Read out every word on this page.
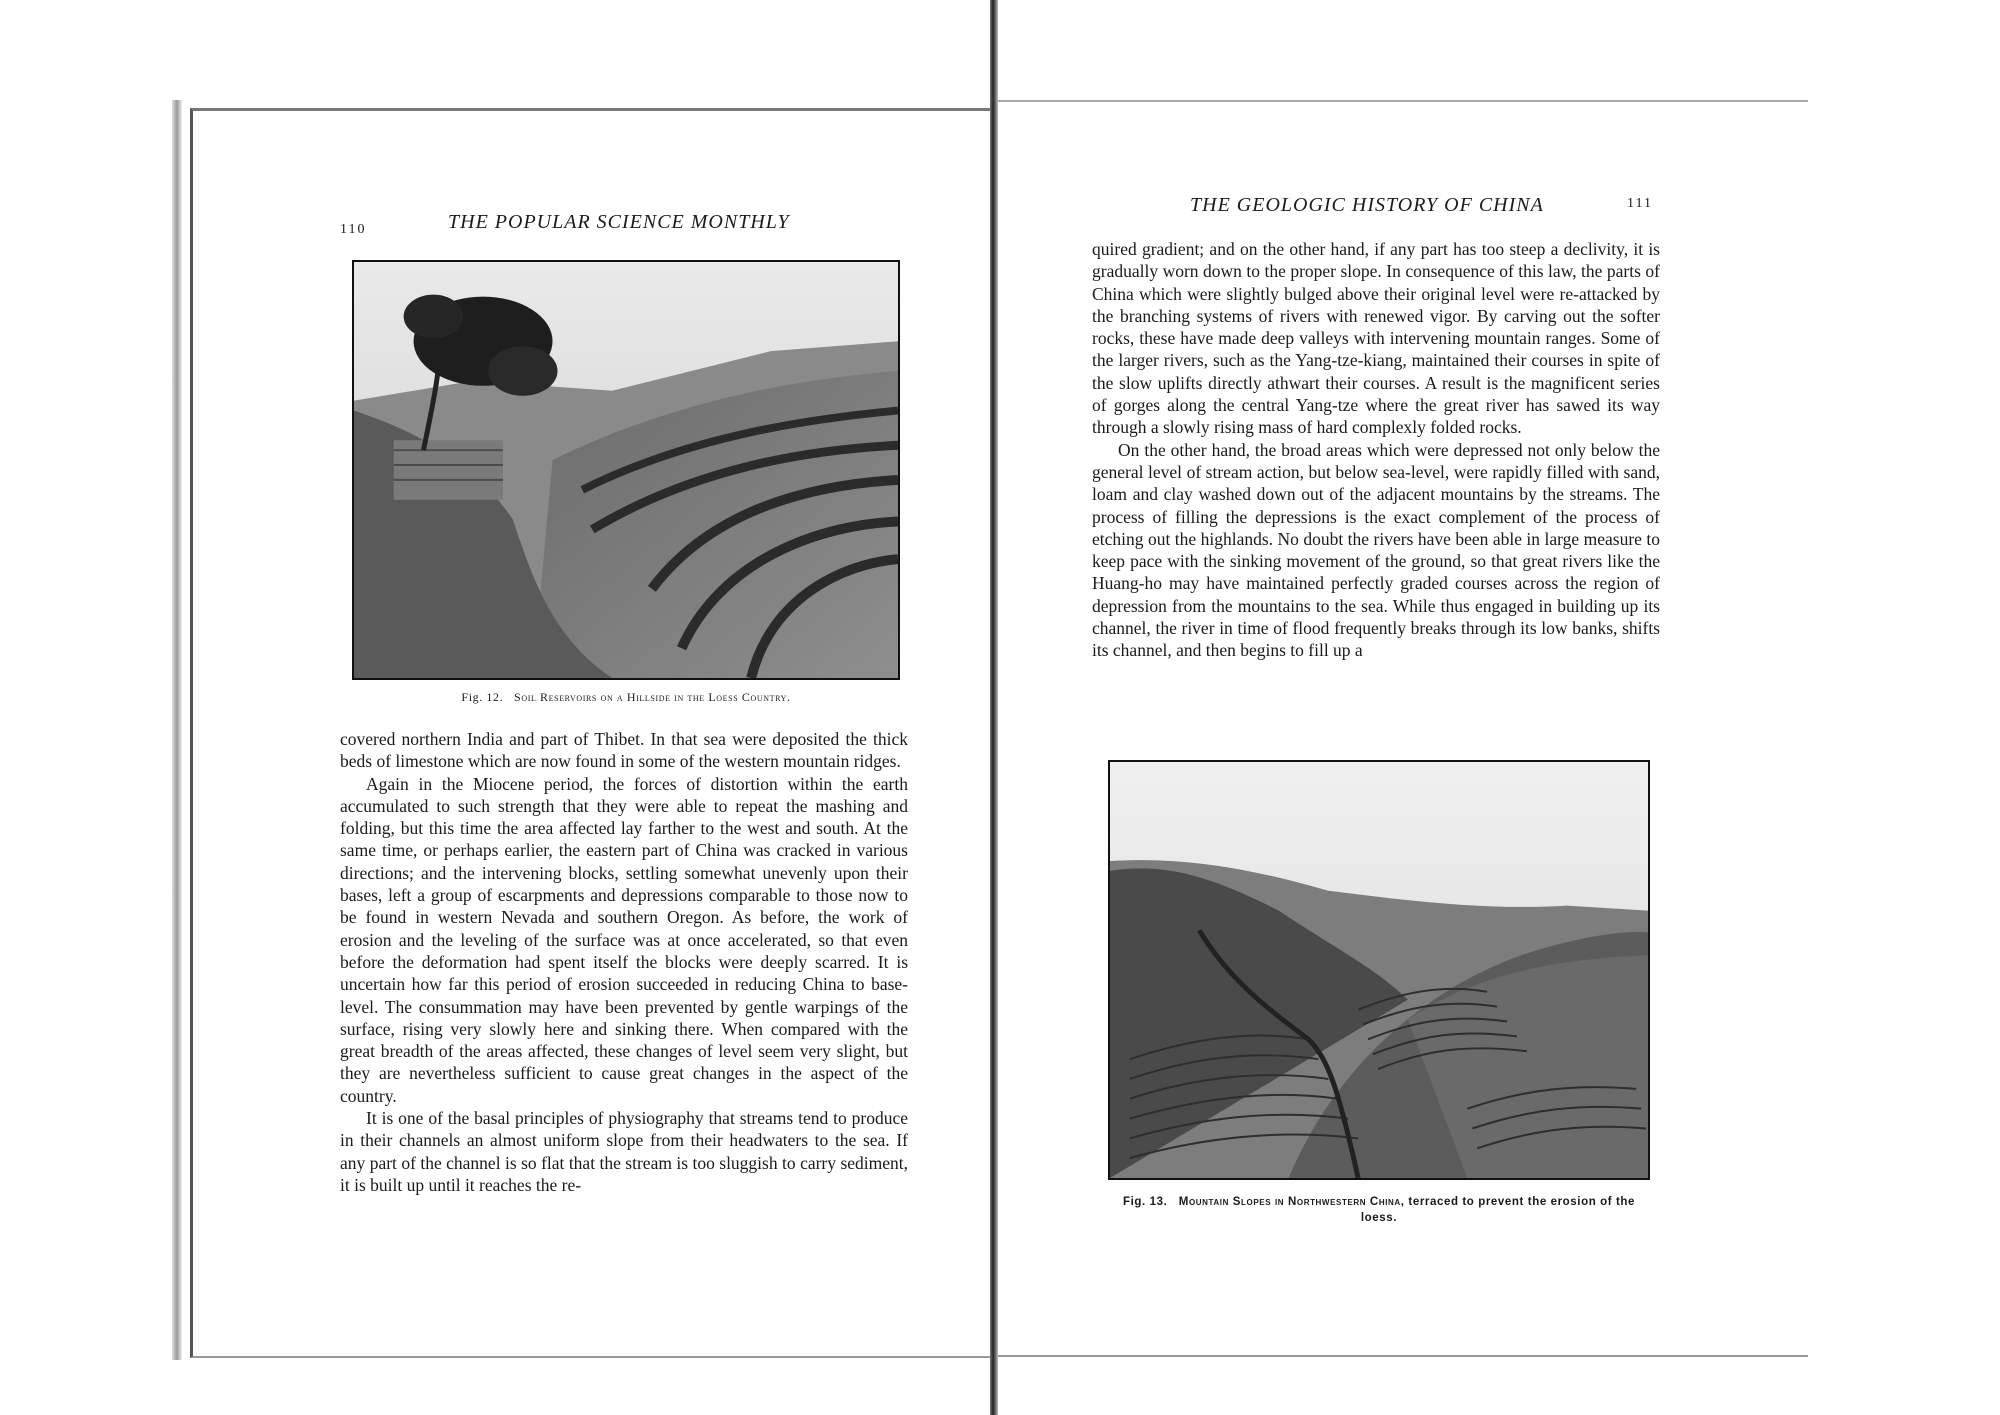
110	THE POPULAR SCIENCE MONTHLY
Fig. 12. Soil Reservoirs on a Hillside in the Loess Country.

covered northern India and part of Thibet. In that sea were deposited the thick beds of limestone which are now found in some of the western mountain ridges.

Again in the Miocene period, the forces of distortion within the earth accumulated to such strength that they were able to repeat the mashing and folding, but this time the area affected lay farther to the west and south. At the same time, or perhaps earlier, the eastern part of China was cracked in various directions; and the intervening blocks, settling somewhat unevenly upon their bases, left a group of escarpments and depressions comparable to those now to be found in western Nevada and southern Oregon. As before, the work of erosion and the leveling of the surface was at once accelerated, so that even before the deformation had spent itself the blocks were deeply scarred. It is uncertain how far this period of erosion succeeded in reducing China to base-level. The consummation may have been prevented by gentle warpings of the surface, rising very slowly here and sinking there. When compared with the great breadth of the areas affected, these changes of level seem very slight, but they are nevertheless sufficient to cause great changes in the aspect of the country.

It is one of the basal principles of physiography that streams tend to produce in their channels an almost uniform slope from their headwaters to the sea. If any part of the channel is so flat that the stream is too sluggish to carry sediment, it is built up until it reaches the re-

THE GEOLOGIC HISTORY OF CHINA	111

quired gradient; and on the other hand, if any part has too steep a declivity, it is gradually worn down to the proper slope. In consequence of this law, the parts of China which were slightly bulged above their original level were re-attacked by the branching systems of rivers with renewed vigor. By carving out the softer rocks, these have made deep valleys with intervening mountain ranges. Some of the larger rivers, such as the Yang-tze-kiang, maintained their courses in spite of the slow uplifts directly athwart their courses. A result is the magnificent series of gorges along the central Yang-tze where the great river has sawed its way through a slowly rising mass of hard complexly folded rocks.

On the other hand, the broad areas which were depressed not only below the general level of stream action, but below sea-level, were rapidly filled with sand, loam and clay washed down out of the adjacent mountains by the streams. The process of filling the depressions is the exact complement of the process of etching out the highlands. No doubt the rivers have been able in large measure to keep pace with the sinking movement of the ground, so that great rivers like the Huang-ho may have maintained perfectly graded courses across the region of depression from the mountains to the sea. While thus engaged in building up its channel, the river in time of flood frequently breaks through its low banks, shifts its channel, and then begins to fill up a

Fig. 13. Mountain Slopes in Northwestern China, terraced to prevent the erosion of the loess.
